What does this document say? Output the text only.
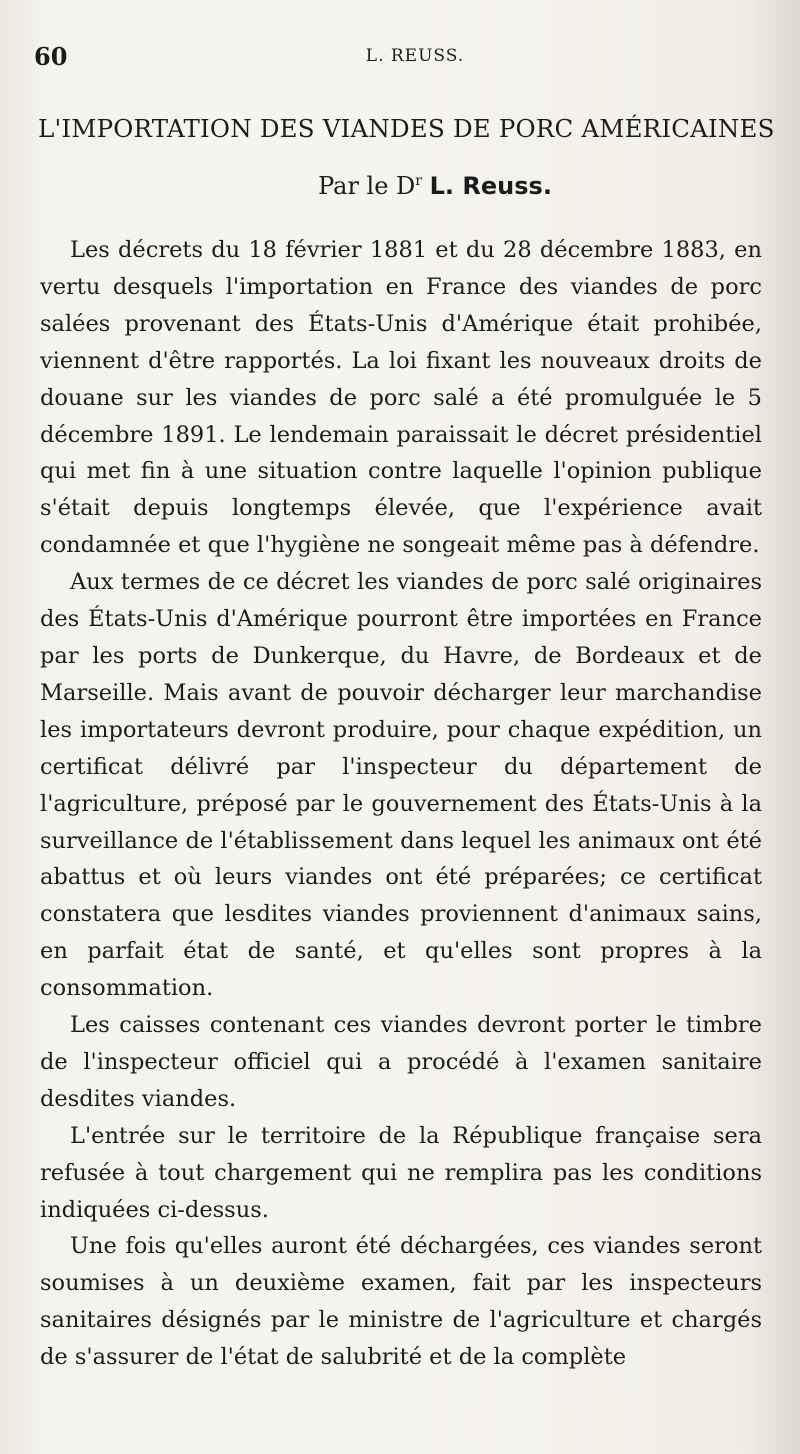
60	L. REUSS.
L'IMPORTATION DES VIANDES DE PORC AMÉRICAINES
Par le $D^r$ L. Reuss.

Les décrets du 18 février 1881 et du 28 décembre 1883, en vertu desquels l'importation en France des viandes de porc salées provenant des États-Unis d'Amérique était prohibée, viennent d'être rapportés. La loi fixant les nouveaux droits de douane sur les viandes de porc salé a été promulguée le 5 décembre 1891. Le lendemain paraissait le décret présidentiel qui met fin à une situation contre laquelle l'opinion publique s'était depuis longtemps élevée, que l'expérience avait condamnée et que l'hygiène ne songeait même pas à défendre.

Aux termes de ce décret les viandes de porc salé originaires des États-Unis d'Amérique pourront être importées en France par les ports de Dunkerque, du Havre, de Bordeaux et de Marseille. Mais avant de pouvoir décharger leur marchandise les importateurs devront produire, pour chaque expédition, un certificat délivré par l'inspecteur du département de l'agriculture, préposé par le gouvernement des États-Unis à la surveillance de l'établissement dans lequel les animaux ont été abattus et où leurs viandes ont été préparées; ce certificat constatera que lesdites viandes proviennent d'animaux sains, en parfait état de santé, et qu'elles sont propres à la consommation.

Les caisses contenant ces viandes devront porter le timbre de l'inspecteur officiel qui a procédé à l'examen sanitaire desdites viandes.

L'entrée sur le territoire de la République française sera refusée à tout chargement qui ne remplira pas les conditions indiquées ci-dessus.

Une fois qu'elles auront été déchargées, ces viandes seront soumises à un deuxième examen, fait par les inspecteurs sanitaires désignés par le ministre de l'agriculture et chargés de s'assurer de l'état de salubrité et de la complète
